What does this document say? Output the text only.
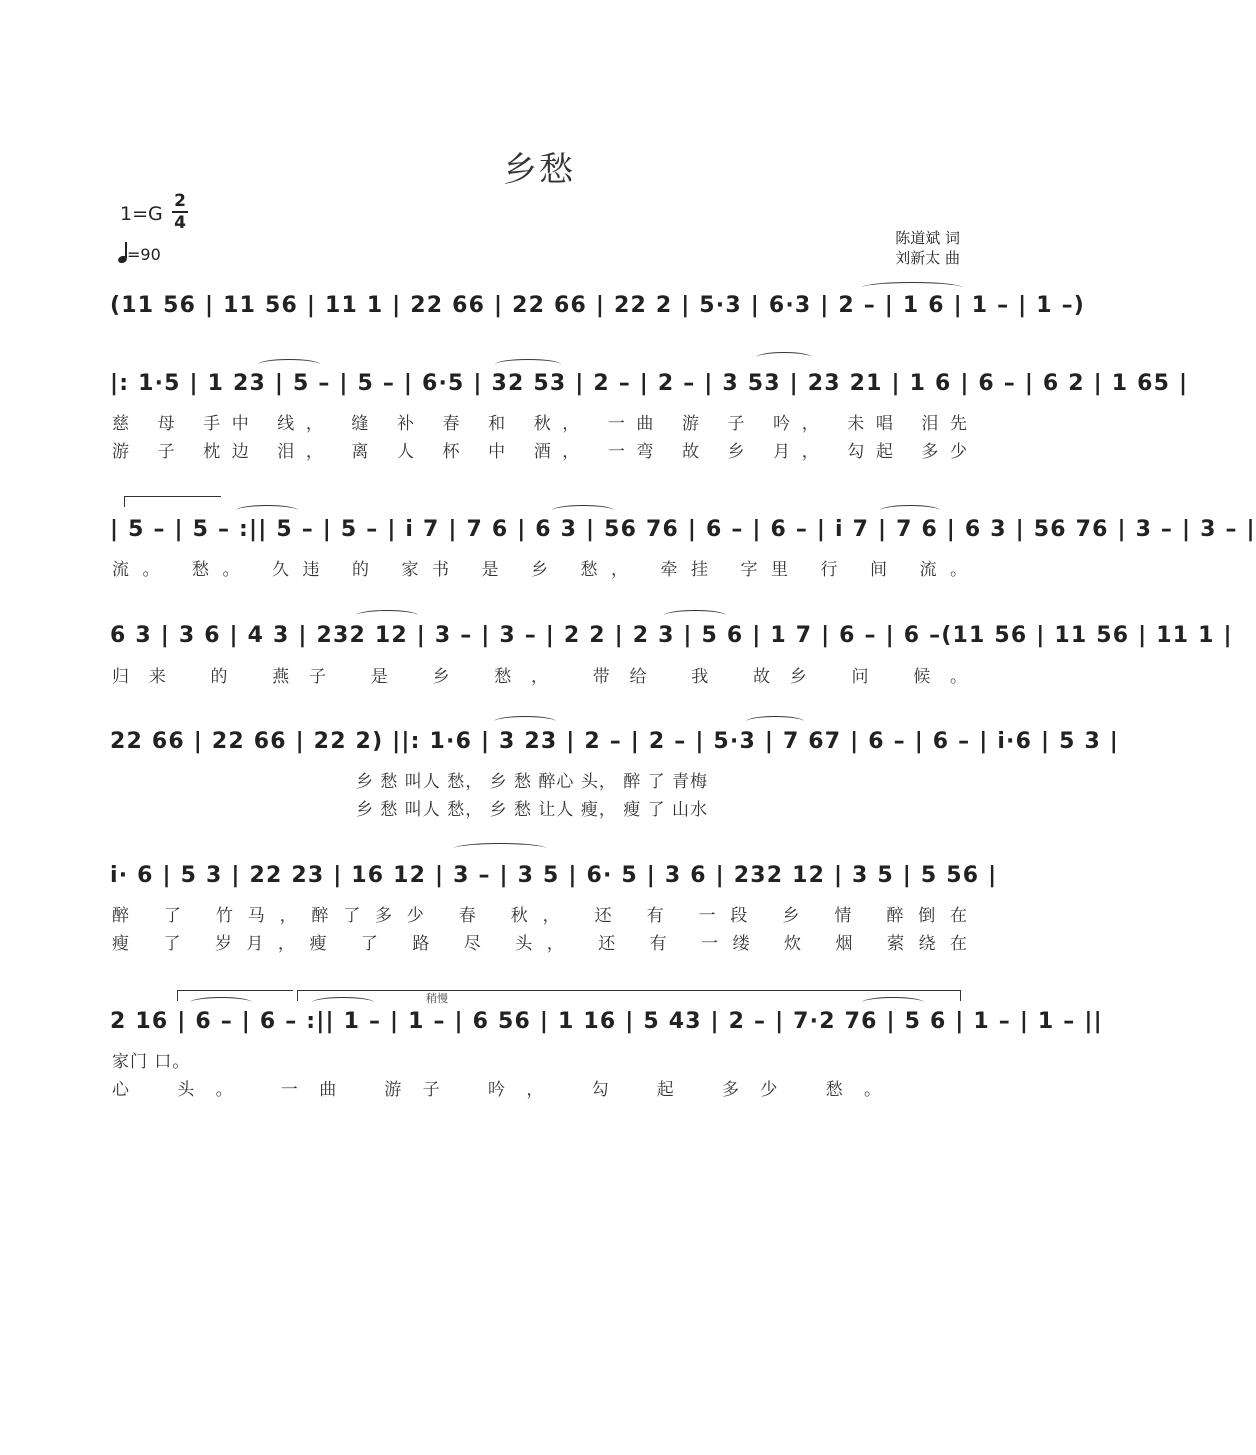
乡愁
1=G
2
4
=90
陈道斌 词
刘新太 曲
(11 56 | 11 56 | 11 1 | 22 66 | 22 66 | 22 2 | 5·3 | 6·3 | 2 – | 1 6 | 1 – | 1 –)
|: 1·5 | 1 23 | 5 – | 5 – | 6·5 | 32 53 | 2 – | 2 – | 3 53 | 23 21 | 1 6 | 6 – | 6 2 | 1 65 |
慈 母 手中 线， 缝 补 春 和 秋， 一曲 游 子 吟， 未唱 泪先
游 子 枕边 泪， 离 人 杯 中 酒， 一弯 故 乡 月， 勾起 多少
| 5 – | 5 – :|| 5 – | 5 – | i 7 | 7 6 | 6 3 | 56 76 | 6 – | 6 – | i 7 | 7 6 | 6 3 | 56 76 | 3 – | 3 – |
流。 愁。 久违 的 家书 是 乡 愁， 牵挂 字里 行 间 流。
6 3 | 3 6 | 4 3 | 232 12 | 3 – | 3 – | 2 2 | 2 3 | 5 6 | 1 7 | 6 – | 6 –(11 56 | 11 56 | 11 1 |
归来 的 燕子 是 乡 愁， 带给 我 故乡 问 候。
22 66 | 22 66 | 22 2) ||: 1·6 | 3 23 | 2 – | 2 – | 5·3 | 7 67 | 6 – | 6 – | i·6 | 5 3 |
乡 愁 叫人 愁， 乡 愁 醉心 头， 醉 了 青梅
乡 愁 叫人 愁， 乡 愁 让人 瘦， 瘦 了 山水
i· 6 | 5 3 | 22 23 | 16 12 | 3 – | 3 5 | 6· 5 | 3 6 | 232 12 | 3 5 | 5 56 |
醉 了 竹马，醉了多少 春 秋， 还 有 一段 乡 情 醉倒在
瘦 了 岁月，瘦 了 路 尽 头， 还 有 一缕 炊 烟 萦绕在
稍慢
2 16 | 6 – | 6 – :|| 1 – | 1 – | 6 56 | 1 16 | 5 43 | 2 – | 7·2 76 | 5 6 | 1 – | 1 – ||
家门 口。
心 头。 一曲 游子 吟， 勾 起 多少 愁。
